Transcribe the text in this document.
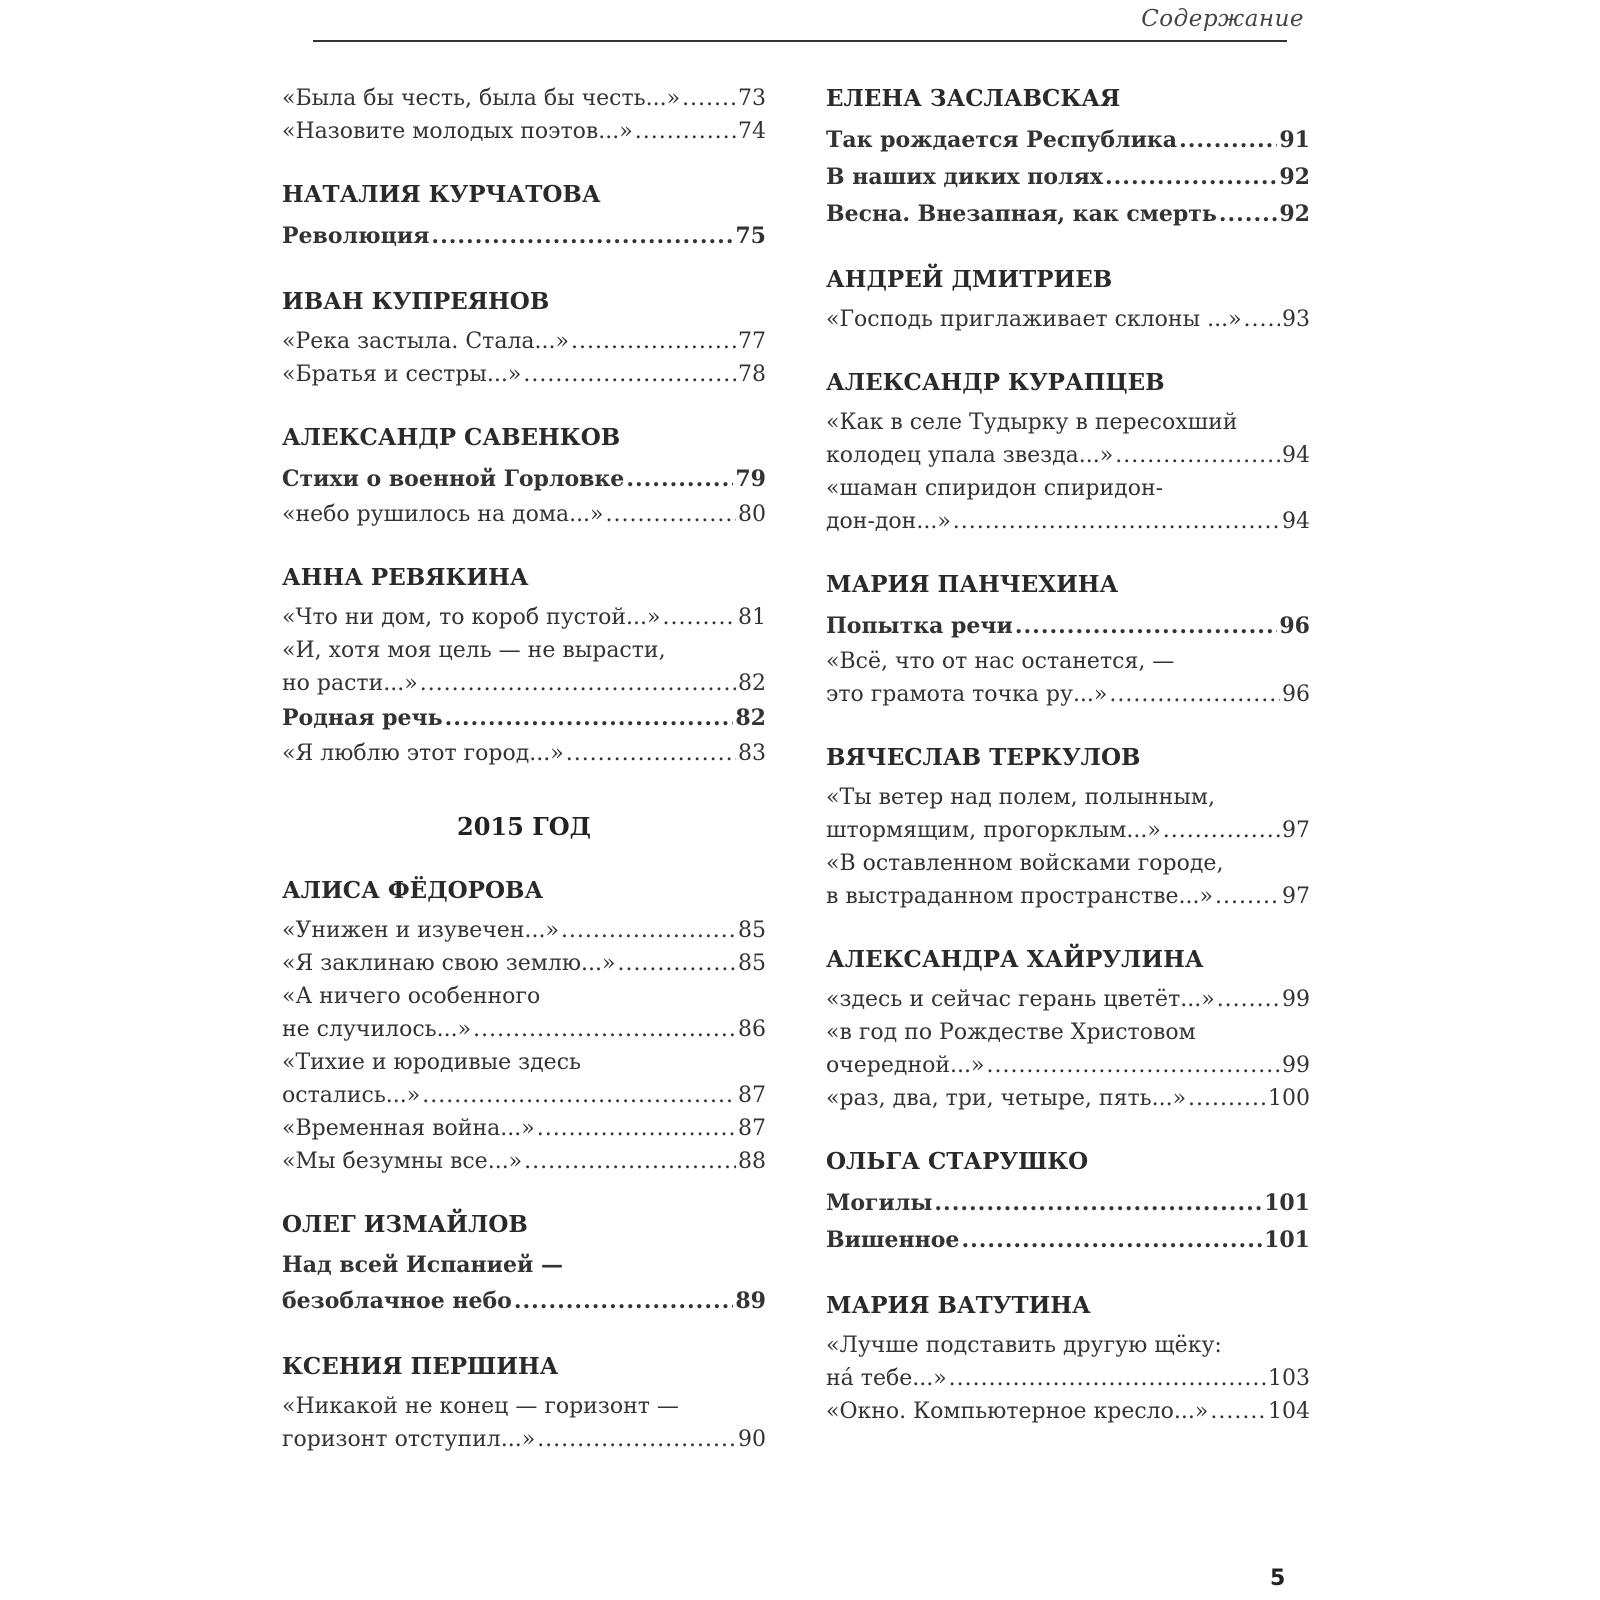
Содержание
«Была бы честь, была бы честь...» .....	73
«Назовите молодых поэтов...» .....	74
НАТАЛИЯ КУРЧАТОВА
Революция .....	75
ИВАН КУПРЕЯНОВ
«Река застыла. Стала...» .....	77
«Братья и сестры...» .....	78
АЛЕКСАНДР САВЕНКОВ
Стихи о военной Горловке .....	79
«небо рушилось на дома...» .....	80
АННА РЕВЯКИНА
«Что ни дом, то короб пустой...» .....	81
«И, хотя моя цель — не вырасти,
но расти...» .....	82
Родная речь .....	82
«Я люблю этот город...» .....	83
2015 ГОД
АЛИСА ФЁДОРОВА
«Унижен и изувечен...» .....	85
«Я заклинаю свою землю...» .....	85
«А ничего особенного
не случилось...» .....	86
«Тихие и юродивые здесь
остались...» .....	87
«Временная война...» .....	87
«Мы безумны все...» .....	88
ОЛЕГ ИЗМАЙЛОВ
Над всей Испанией —
безоблачное небо .....	89
КСЕНИЯ ПЕРШИНА
«Никакой не конец — горизонт —
горизонт отступил...» .....	90
ЕЛЕНА ЗАСЛАВСКАЯ
Так рождается Республика .....	91
В наших диких полях .....	92
Весна. Внезапная, как смерть .....	92
АНДРЕЙ ДМИТРИЕВ
«Господь приглаживает склоны ...» ..... 93
АЛЕКСАНДР КУРАПЦЕВ
«Как в селе Тудырку в пересохший
колодец упала звезда...» .....	94
«шаман спиридон спиридон-
дон-дон...» .....	94
МАРИЯ ПАНЧЕХИНА
Попытка речи .....	96
«Всё, что от нас останется, —
это грамота точка ру...» .....	96
ВЯЧЕСЛАВ ТЕРКУЛОВ
«Ты ветер над полем, полынным,
штормящим, прогорклым...» .....	97
«В оставленном войсками городе,
в выстраданном пространстве...» .....	97
АЛЕКСАНДРА ХАЙРУЛИНА
«здесь и сейчас герань цветёт...» .....	99
«в год по Рождестве Христовом
очередной...» .....	99
«раз, два, три, четыре, пять...» .....	100
ОЛЬГА СТАРУШКО
Могилы .....	101
Вишенное .....	101
МАРИЯ ВАТУТИНА
«Лучше подставить другую щёку:
нá тебе...» .....	103
«Окно. Компьютерное кресло...» .....	104
5
